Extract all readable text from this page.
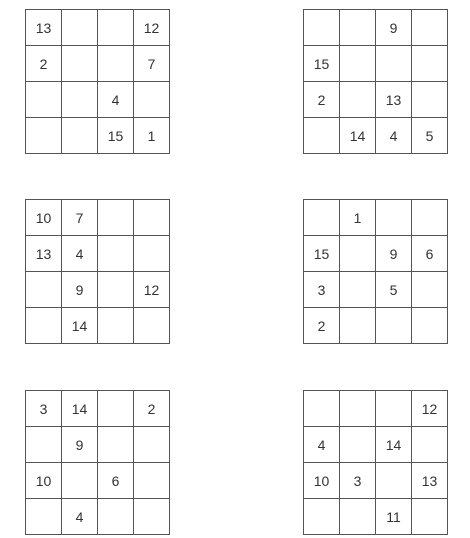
13			12
2			7
		4	
		15	1
		9	
15			
2		13	
	14	4	5
10	7		
13	4		
	9		12
	14		
	1		
15		9	6
3		5	
2			
3	14		2
	9		
10		6	
	4		
			12
4		14	
10	3		13
		11	
